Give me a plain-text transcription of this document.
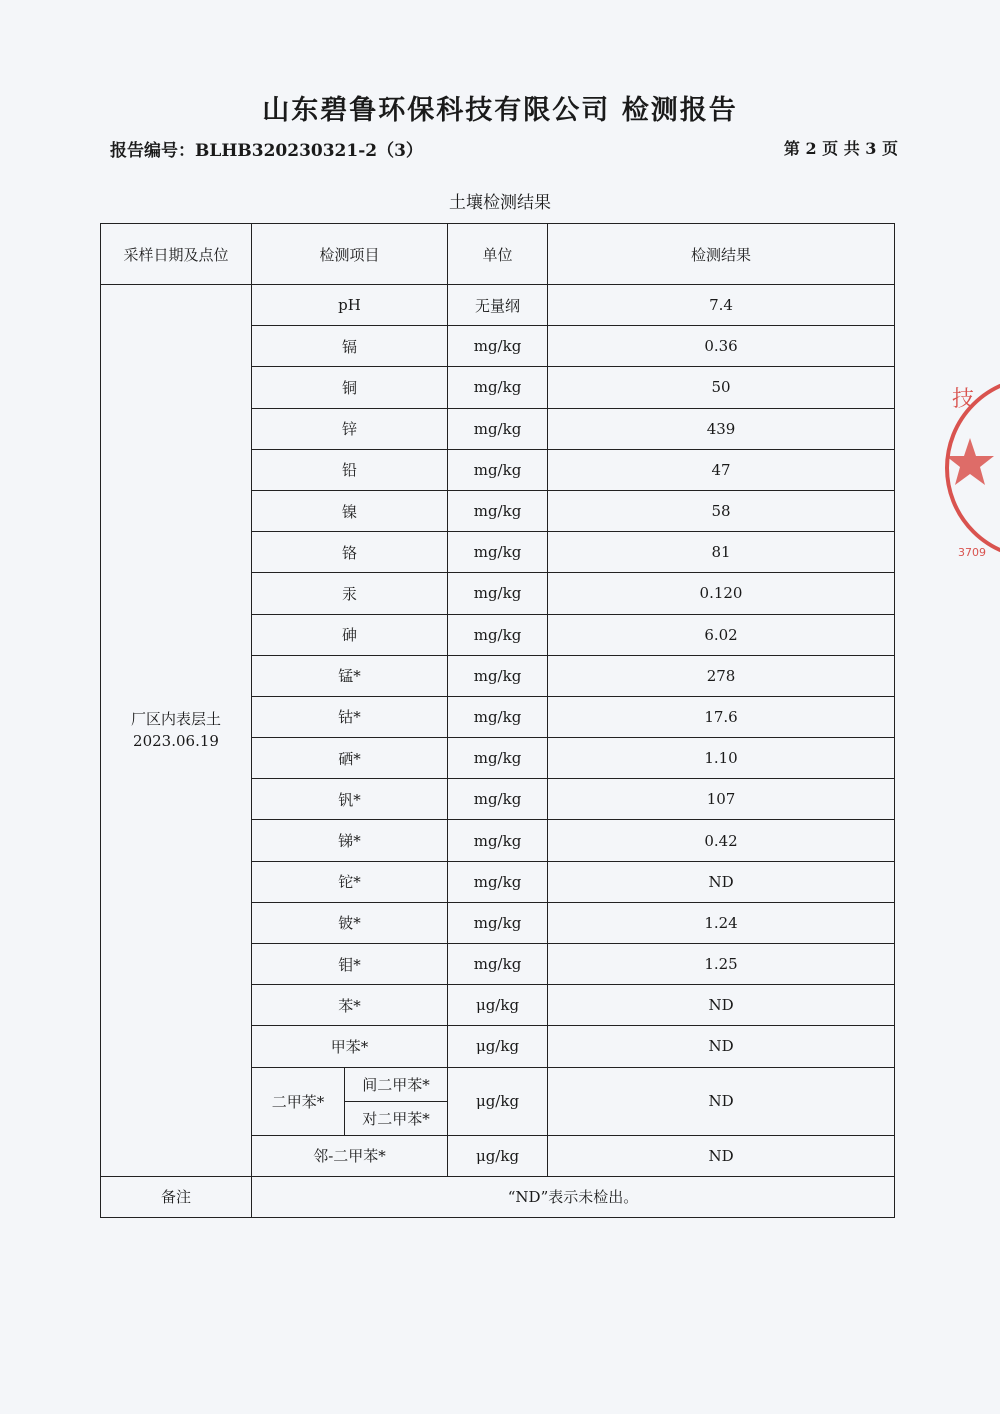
山东碧鲁环保科技有限公司 检测报告
报告编号：BLHB320230321-2（3）	第 2 页 共 3 页
土壤检测结果
采样日期及点位	检测项目		单位	检测结果

厂区内表层土
2023.06.19	pH		无量纲	7.4
	镉		mg/kg	0.36
	铜		mg/kg	50
	锌		mg/kg	439
	铅		mg/kg	47
	镍		mg/kg	58
	铬		mg/kg	81
	汞		mg/kg	0.120
	砷		mg/kg	6.02
	锰*		mg/kg	278
	钴*		mg/kg	17.6
	硒*		mg/kg	1.10
	钒*		mg/kg	107
	锑*		mg/kg	0.42
	铊*		mg/kg	ND
	铍*		mg/kg	1.24
	钼*		mg/kg	1.25
	苯*		μg/kg	ND
	甲苯*		μg/kg	ND
	二甲苯*	间二甲苯*	μg/kg	ND
		对二甲苯*		
	邻-二甲苯*		μg/kg	ND
备注	“ND”表示未检出。			
技
3709
